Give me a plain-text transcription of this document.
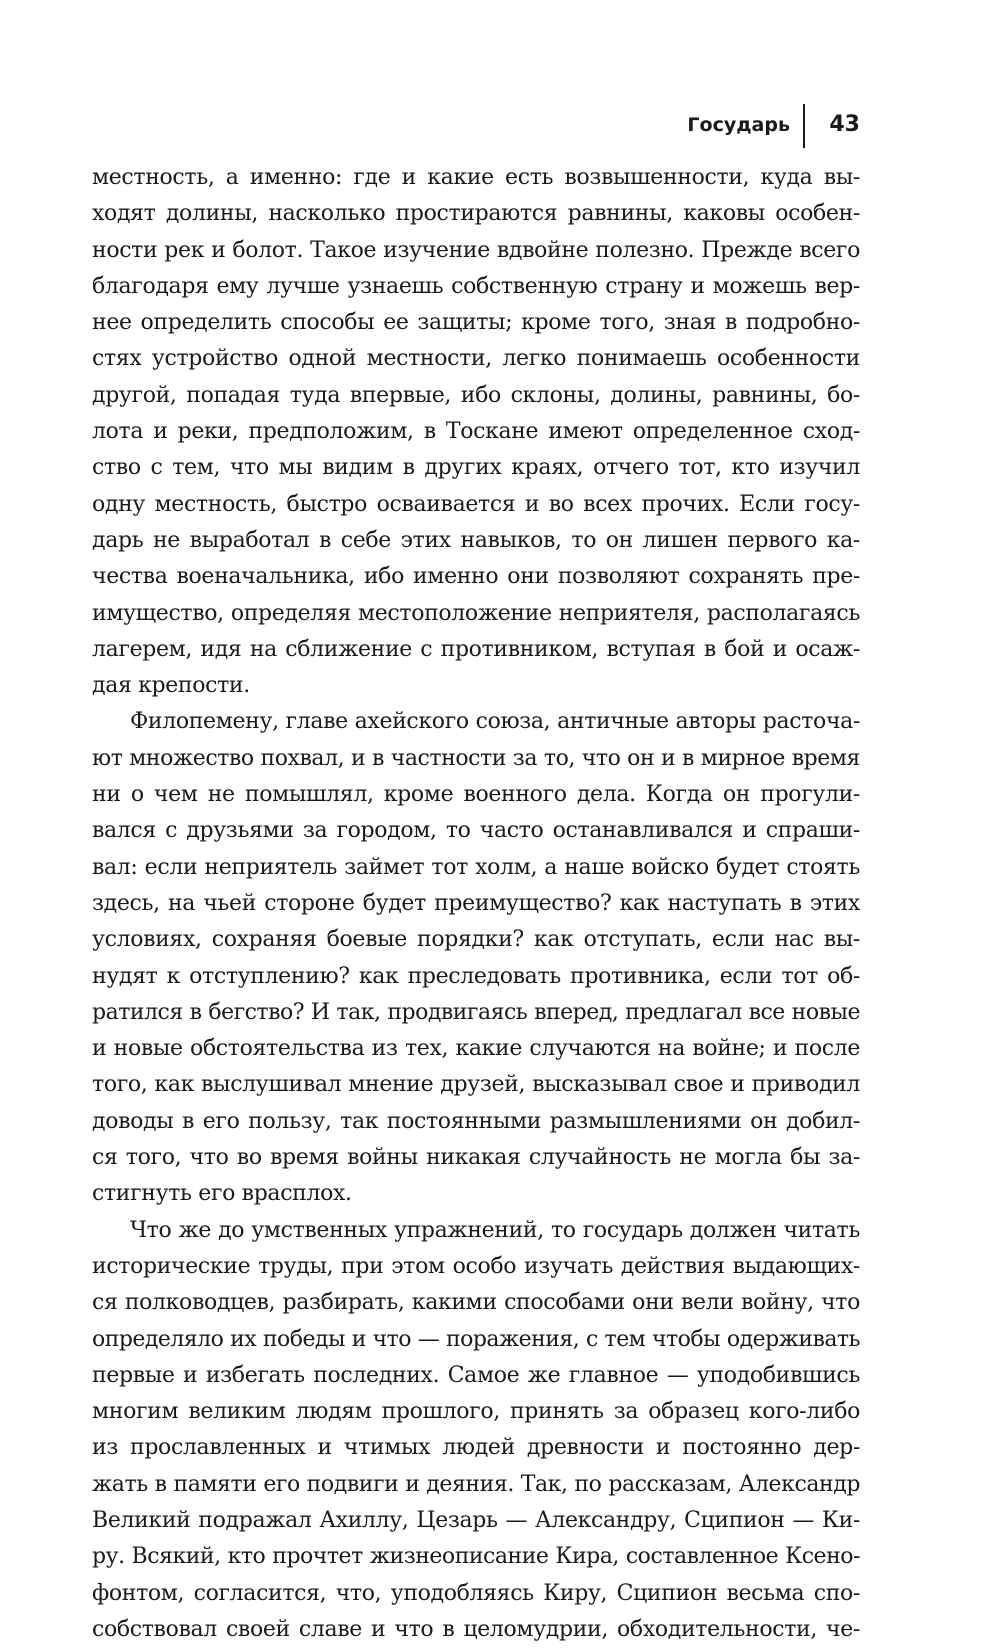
Государь 43
местность, а именно: где и какие есть возвышенности, куда вы-
ходят долины, насколько простираются равнины, каковы особен-
ности рек и болот. Такое изучение вдвойне полезно. Прежде всего
благодаря ему лучше узнаешь собственную страну и можешь вер-
нее определить способы ее защиты; кроме того, зная в подробно-
стях устройство одной местности, легко понимаешь особенности
другой, попадая туда впервые, ибо склоны, долины, равнины, бо-
лота и реки, предположим, в Тоскане имеют определенное сход-
ство с тем, что мы видим в других краях, отчего тот, кто изучил
одну местность, быстро осваивается и во всех прочих. Если госу-
дарь не выработал в себе этих навыков, то он лишен первого ка-
чества военачальника, ибо именно они позволяют сохранять пре-
имущество, определяя местоположение неприятеля, располагаясь
лагерем, идя на сближение с противником, вступая в бой и осаж-
дая крепости.
Филопемену, главе ахейского союза, античные авторы расточа-
ют множество похвал, и в частности за то, что он и в мирное время
ни о чем не помышлял, кроме военного дела. Когда он прогули-
вался с друзьями за городом, то часто останавливался и спраши-
вал: если неприятель займет тот холм, а наше войско будет стоять
здесь, на чьей стороне будет преимущество? как наступать в этих
условиях, сохраняя боевые порядки? как отступать, если нас вы-
нудят к отступлению? как преследовать противника, если тот об-
ратился в бегство? И так, продвигаясь вперед, предлагал все новые
и новые обстоятельства из тех, какие случаются на войне; и после
того, как выслушивал мнение друзей, высказывал свое и приводил
доводы в его пользу, так постоянными размышлениями он добил-
ся того, что во время войны никакая случайность не могла бы за-
стигнуть его врасплох.
Что же до умственных упражнений, то государь должен читать
исторические труды, при этом особо изучать действия выдающих-
ся полководцев, разбирать, какими способами они вели войну, что
определяло их победы и что — поражения, с тем чтобы одерживать
первые и избегать последних. Самое же главное — уподобившись
многим великим людям прошлого, принять за образец кого-либо
из прославленных и чтимых людей древности и постоянно дер-
жать в памяти его подвиги и деяния. Так, по рассказам, Александр
Великий подражал Ахиллу, Цезарь — Александру, Сципион — Ки-
ру. Всякий, кто прочтет жизнеописание Кира, составленное Ксено-
фонтом, согласится, что, уподобляясь Киру, Сципион весьма спо-
собствовал своей славе и что в целомудрии, обходительности, че-
